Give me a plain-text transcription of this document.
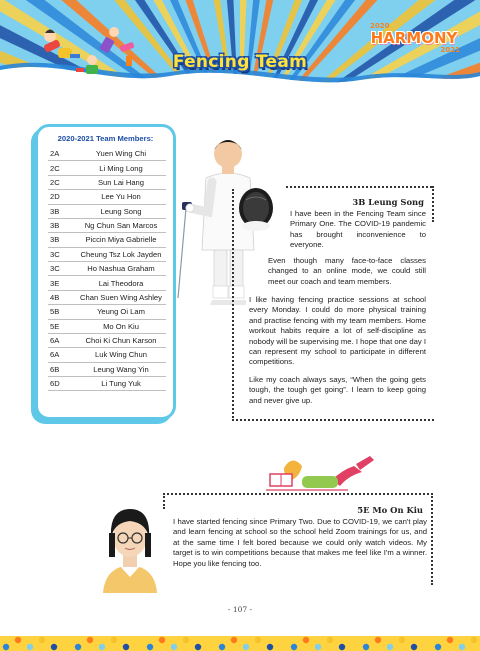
2020
HARMONY
2021
Fencing Team
2020-2021 Team Members:
2A	Yuen Wing Chi
2C	Li Ming Long
2C	Sun Lai Hang
2D	Lee Yu Hon
3B	Leung Song
3B	Ng Chun San Marcos
3B	Piccin Miya Gabrielle
3C	Cheung Tsz Lok Jayden
3C	Ho Nashua Graham
3E	Lai Theodora
4B	Chan Suen Wing Ashley
5B	Yeung Oi Lam
5E	Mo On Kiu
6A	Choi Ki Chun Karson
6A	Luk Wing Chun
6B	Leung Wang Yin
6D	Li Tung Yuk
3B Leung Song
I have been in the Fencing Team since Primary One. The COVID-19 pandemic has brought inconvenience to everyone.
Even though many face-to-face classes changed to an online mode, we could still meet our coach and team members.
I like having fencing practice sessions at school every Monday. I could do more physical training and practise fencing with my team members. Home workout habits require a lot of self-discipline as nobody will be supervising me. I hope that one day I can represent my school to participate in different competitions.
Like my coach always says, “When the going gets tough, the tough get going”. I learn to keep going and never give up.
5E Mo On Kiu
I have started fencing since Primary Two. Due to COVID-19, we can't play and learn fencing at school so the school held Zoom trainings for us, and at the same time I felt bored because we could only watch videos. My target is to win competitions because that makes me feel like I'm a winner. Hope you like fencing too.
- 107 -
